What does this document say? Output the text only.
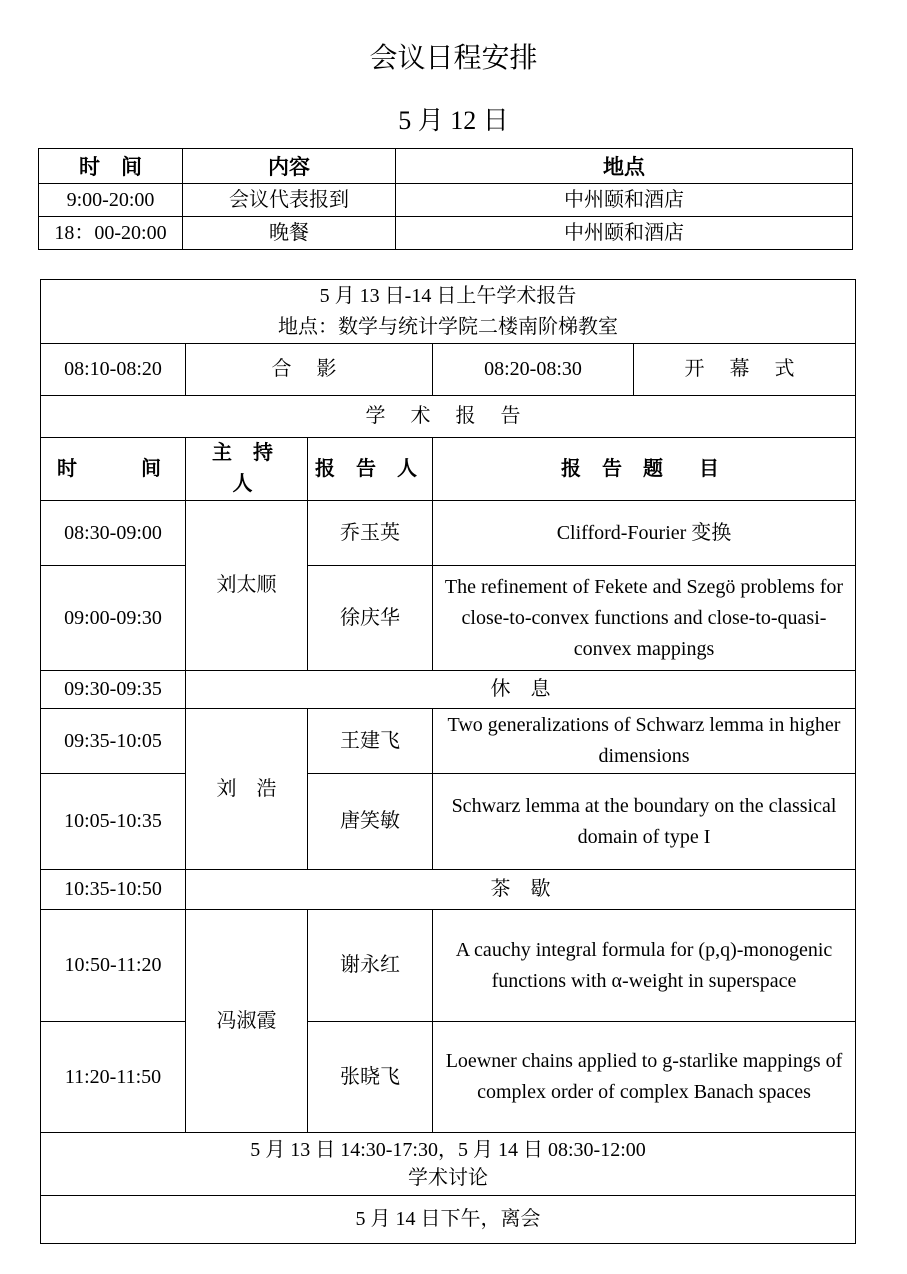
会议日程安排
5 月 12 日
时　间	内容	地点
9:00-20:00	会议代表报到	中州颐和酒店
18：00-20:00	晚餐	中州颐和酒店
5 月 13 日-14 日上午学术报告
地点：数学与统计学院二楼南阶梯教室				

08:10-08:20	合 影		08:20-08:30	开 幕 式
学 术 报 告				
时　　间	主 持 人	报 告 人	报 告 题　目	
08:30-09:00	刘太顺	乔玉英	Clifford-Fourier 变换	
09:00-09:30		徐庆华	The refinement of Fekete and Szegö problems for close-to-convex functions and close-to-quasi-convex mappings	
09:30-09:35	休　息			
09:35-10:05	刘　浩	王建飞	Two generalizations of Schwarz lemma in higher dimensions	
10:05-10:35		唐笑敏	Schwarz lemma at the boundary on the classical domain of type I	
10:35-10:50	茶　歇			
10:50-11:20	冯淑霞	谢永红	A cauchy integral formula for (p,q)-monogenic functions with α-weight in superspace	
11:20-11:50		张晓飞	Loewner chains applied to g-starlike mappings of complex order of complex Banach spaces	

5 月 13 日 14:30-17:30，5 月 14 日 08:30-12:00
学术讨论				

5 月 14 日下午，离会				
